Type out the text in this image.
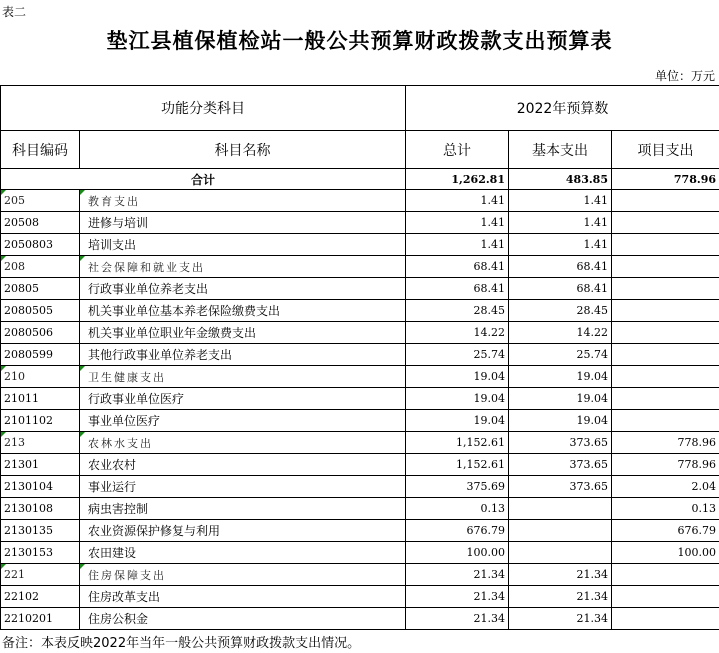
表二
垫江县植保植检站一般公共预算财政拨款支出预算表
单位：万元
功能分类科目		2022年预算数		
科目编码	科目名称	总计	基本支出	项目支出
合计		1,262.81	483.85	778.96

205	教育支出	1.41	1.41	
20508	进修与培训	1.41	1.41	
2050803	培训支出	1.41	1.41	

208	社会保障和就业支出	68.41	68.41	
20805	行政事业单位养老支出	68.41	68.41	
2080505	机关事业单位基本养老保险缴费支出	28.45	28.45	
2080506	机关事业单位职业年金缴费支出	14.22	14.22	
2080599	其他行政事业单位养老支出	25.74	25.74	

210	卫生健康支出	19.04	19.04	
21011	行政事业单位医疗	19.04	19.04	
2101102	事业单位医疗	19.04	19.04	

213	农林水支出	1,152.61	373.65	778.96
21301	农业农村	1,152.61	373.65	778.96
2130104	事业运行	375.69	373.65	2.04
2130108	病虫害控制	0.13		0.13
2130135	农业资源保护修复与利用	676.79		676.79
2130153	农田建设	100.00		100.00

221	住房保障支出	21.34	21.34	
22102	住房改革支出	21.34	21.34	
2210201	住房公积金	21.34	21.34	
备注：本表反映2022年当年一般公共预算财政拨款支出情况。
